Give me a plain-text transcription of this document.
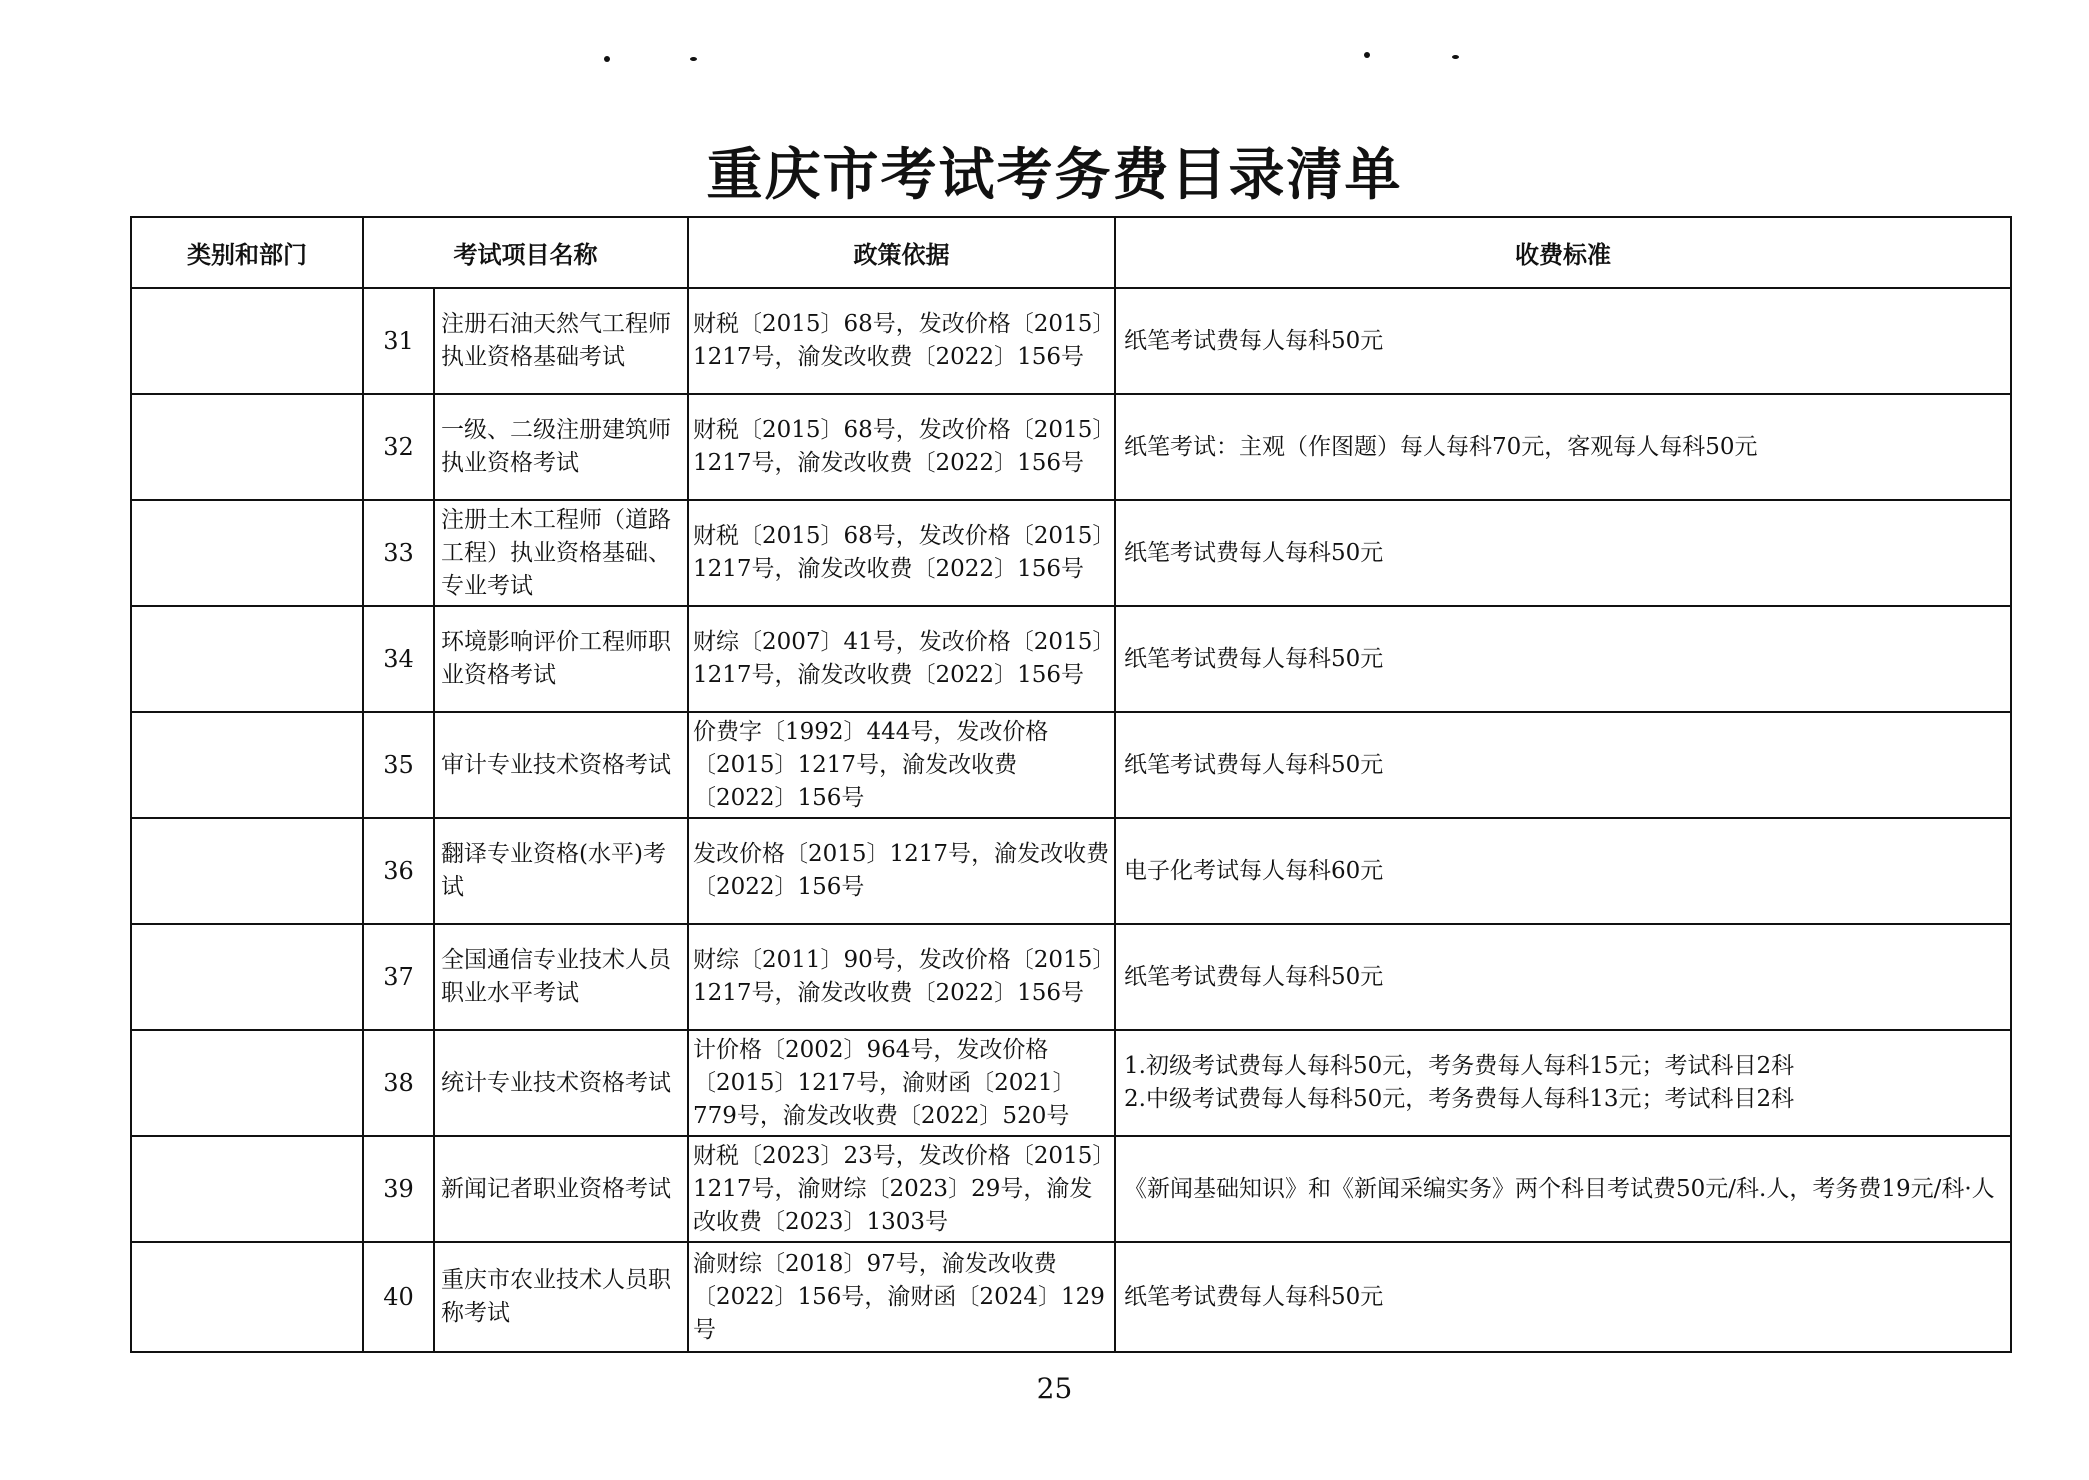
重庆市考试考务费目录清单
类别和部门	考试项目名称		政策依据	收费标准
	31	注册石油天然气工程师执业资格基础考试	财税〔2015〕68号，发改价格〔2015〕1217号，渝发改收费〔2022〕156号	纸笔考试费每人每科50元

	32	一级、二级注册建筑师执业资格考试	财税〔2015〕68号，发改价格〔2015〕1217号，渝发改收费〔2022〕156号	纸笔考试：主观（作图题）每人每科70元，客观每人每科50元

	33	注册土木工程师（道路工程）执业资格基础、专业考试	财税〔2015〕68号，发改价格〔2015〕1217号，渝发改收费〔2022〕156号	纸笔考试费每人每科50元

	34	环境影响评价工程师职业资格考试	财综〔2007〕41号，发改价格〔2015〕1217号，渝发改收费〔2022〕156号	纸笔考试费每人每科50元

	35	审计专业技术资格考试	价费字〔1992〕444号，发改价格〔2015〕1217号，渝发改收费〔2022〕156号	纸笔考试费每人每科50元

	36	翻译专业资格(水平)考试	发改价格〔2015〕1217号，渝发改收费〔2022〕156号	电子化考试每人每科60元

	37	全国通信专业技术人员职业水平考试	财综〔2011〕90号，发改价格〔2015〕1217号，渝发改收费〔2022〕156号	纸笔考试费每人每科50元

	38	统计专业技术资格考试	计价格〔2002〕964号，发改价格〔2015〕1217号，渝财函〔2021〕779号，渝发改收费〔2022〕520号	1.初级考试费每人每科50元，考务费每人每科15元；考试科目2科
2.中级考试费每人每科50元，考务费每人每科13元；考试科目2科

	39	新闻记者职业资格考试	财税〔2023〕23号，发改价格〔2015〕1217号，渝财综〔2023〕29号，渝发改收费〔2023〕1303号	《新闻基础知识》和《新闻采编实务》两个科目考试费50元/科.人，考务费19元/科·人

	40	重庆市农业技术人员职称考试	渝财综〔2018〕97号，渝发改收费〔2022〕156号，渝财函〔2024〕129号	纸笔考试费每人每科50元
25
